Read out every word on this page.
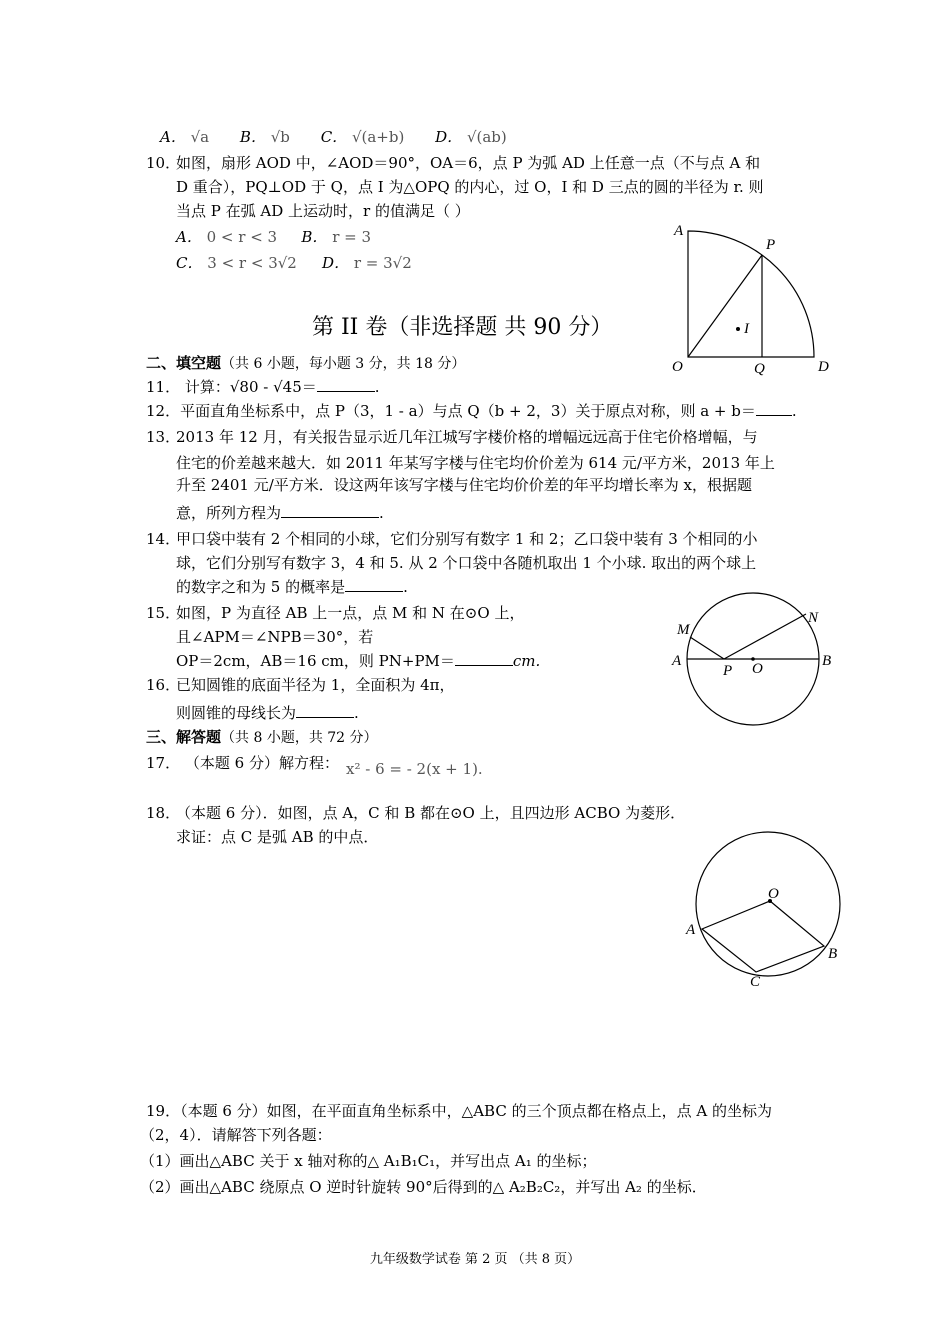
A． √a B． √b C． √(a+b) D． √(ab)
10．
如图，扇形 AOD 中，∠AOD＝90°，OA＝6，点 P 为弧 AD 上任意一点（不与点 A 和
D 重合），PQ⊥OD 于 Q，点 I 为△OPQ 的内心，过 O，I 和 D 三点的圆的半径为 r. 则
当点 P 在弧 AD 上运动时，r 的值满足（ ）
A． 0 < r < 3 B． r = 3
C． 3 < r < 3√2 D． r = 3√2
A
P
I
O	Q	D
第 II 卷（非选择题 共 90 分）
二、填空题（共 6 小题，每小题 3 分，共 18 分）
11． 计算：√80 - √45＝	.
12．平面直角坐标系中，点 P（3，1 - a）与点 Q（b + 2，3）关于原点对称，则 a + b＝ .
13．
2013 年 12 月，有关报告显示近几年江城写字楼价格的增幅远远高于住宅价格增幅，与
住宅的价差越来越大．如 2011 年某写字楼与住宅均价价差为 614 元/平方米，2013 年上
升至 2401 元/平方米．设这两年该写字楼与住宅均价价差的年平均增长率为 x，根据题
意，所列方程为	.
14．
甲口袋中装有 2 个相同的小球，它们分别写有数字 1 和 2；乙口袋中装有 3 个相同的小
球，它们分别写有数字 3，4 和 5. 从 2 个口袋中各随机取出 1 个小球. 取出的两个球上
的数字之和为 5 的概率是	.
15．
如图，P 为直径 AB 上一点，点 M 和 N 在⊙O 上，
且∠APM＝∠NPB＝30°，若
OP＝2cm，AB＝16 cm，则 PN+PM＝	cm.
M
N
A
P O	B
16．
已知圆锥的底面半径为 1，全面积为 4π，
则圆锥的母线长为	.
三、解答题（共 8 小题，共 72 分）
17． （本题 6 分）解方程： x² - 6 = - 2(x + 1).
18．
（本题 6 分）．如图，点 A，C 和 B 都在⊙O 上，且四边形 ACBO 为菱形．
求证：点 C 是弧 AB 的中点．
O
A
B
C
19．（本题 6 分）如图，在平面直角坐标系中，△ABC 的三个顶点都在格点上，点 A 的坐标为
（2，4）．请解答下列各题：
（1）画出△ABC 关于 x 轴对称的△ A₁B₁C₁，并写出点 A₁ 的坐标；
（2）画出△ABC 绕原点 O 逆时针旋转 90°后得到的△ A₂B₂C₂，并写出 A₂ 的坐标．
九年级数学试卷 第 2 页 （共 8 页）
